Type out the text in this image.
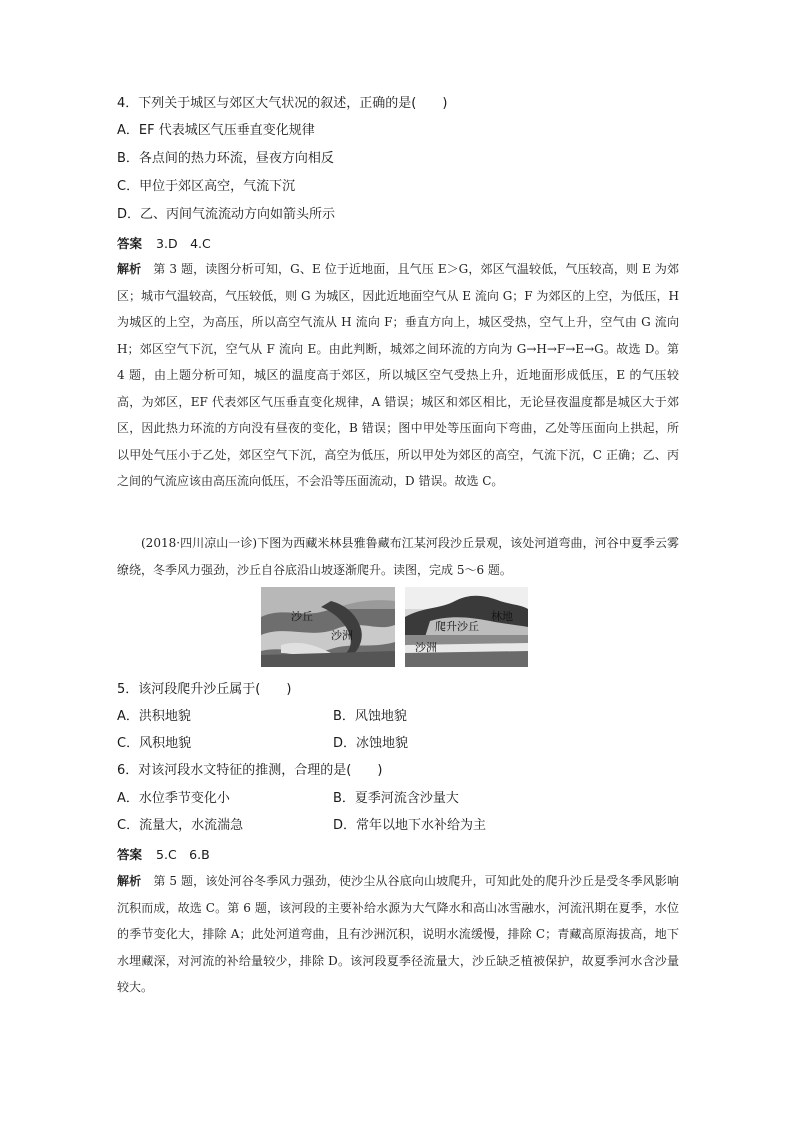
4．下列关于城区与郊区大气状况的叙述，正确的是(　　)
A．EF 代表城区气压垂直变化规律
B．各点间的热力环流，昼夜方向相反
C．甲位于郊区高空，气流下沉
D．乙、丙间气流流动方向如箭头所示
答案 3.D　4.C
解析 第 3 题，读图分析可知，G、E 位于近地面，且气压 E＞G，郊区气温较低，气压较高，则 E 为郊区；城市气温较高，气压较低，则 G 为城区，因此近地面空气从 E 流向 G；F 为郊区的上空，为低压，H 为城区的上空，为高压，所以高空气流从 H 流向 F；垂直方向上，城区受热，空气上升，空气由 G 流向 H；郊区空气下沉，空气从 F 流向 E。由此判断，城郊之间环流的方向为 G→H→F→E→G。故选 D。第 4 题，由上题分析可知，城区的温度高于郊区，所以城区空气受热上升，近地面形成低压，E 的气压较高，为郊区，EF 代表郊区气压垂直变化规律，A 错误；城区和郊区相比，无论昼夜温度都是城区大于郊区，因此热力环流的方向没有昼夜的变化，B 错误；图中甲处等压面向下弯曲，乙处等压面向上拱起，所以甲处气压小于乙处，郊区空气下沉，高空为低压，所以甲处为郊区的高空，气流下沉，C 正确；乙、丙之间的气流应该由高压流向低压，不会沿等压面流动，D 错误。故选 C。
(2018·四川凉山一诊)下图为西藏米林县雅鲁藏布江某河段沙丘景观，该处河道弯曲，河谷中夏季云雾缭绕，冬季风力强劲，沙丘自谷底沿山坡逐渐爬升。读图，完成 5～6 题。
沙丘
沙洲
林地
爬升沙丘
沙洲
5．该河段爬升沙丘属于(　　)
A．洪积地貌	B．风蚀地貌
C．风积地貌	D．冰蚀地貌
6．对该河段水文特征的推测，合理的是(　　)
A．水位季节变化小	B．夏季河流含沙量大
C．流量大，水流湍急	D．常年以地下水补给为主
答案 5.C　6.B
解析 第 5 题，该处河谷冬季风力强劲，使沙尘从谷底向山坡爬升，可知此处的爬升沙丘是受冬季风影响沉积而成，故选 C。第 6 题，该河段的主要补给水源为大气降水和高山冰雪融水，河流汛期在夏季，水位的季节变化大，排除 A；此处河道弯曲，且有沙洲沉积，说明水流缓慢，排除 C；青藏高原海拔高，地下水埋藏深，对河流的补给量较少，排除 D。该河段夏季径流量大，沙丘缺乏植被保护，故夏季河水含沙量较大。
